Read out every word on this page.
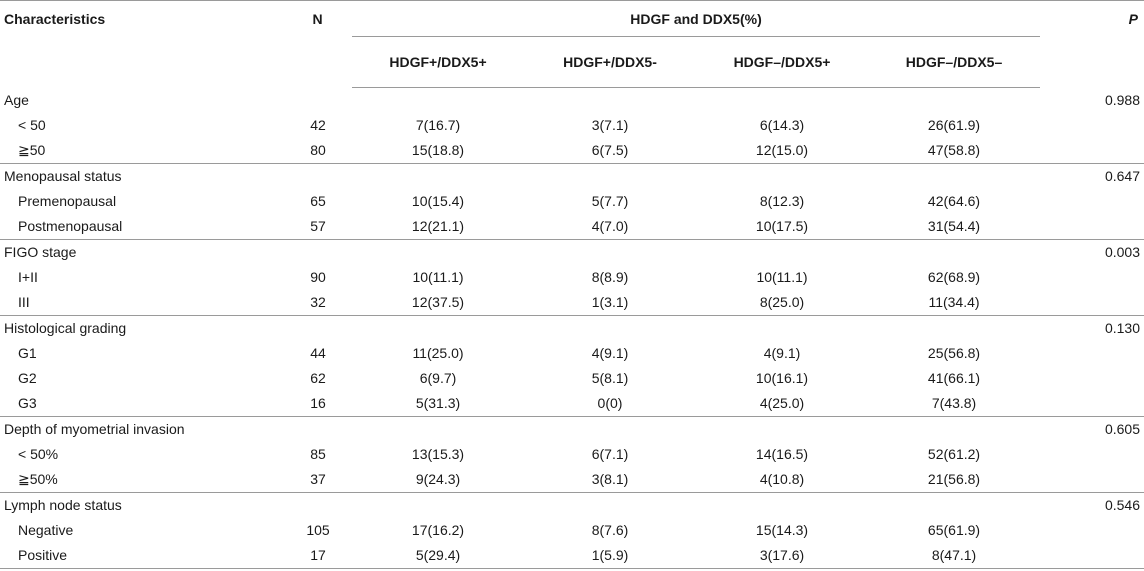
Characteristics	N	HDGF and DDX5(%)				P
		HDGF+/DDX5+	HDGF+/DDX5-	HDGF–/DDX5+	HDGF–/DDX5–	
Age						0.988
< 50	42	7(16.7)	3(7.1)	6(14.3)	26(61.9)	
≧50	80	15(18.8)	6(7.5)	12(15.0)	47(58.8)	
Menopausal status						0.647
Premenopausal	65	10(15.4)	5(7.7)	8(12.3)	42(64.6)	
Postmenopausal	57	12(21.1)	4(7.0)	10(17.5)	31(54.4)	
FIGO stage						0.003
I+II	90	10(11.1)	8(8.9)	10(11.1)	62(68.9)	
III	32	12(37.5)	1(3.1)	8(25.0)	11(34.4)	
Histological grading						0.130
G1	44	11(25.0)	4(9.1)	4(9.1)	25(56.8)	
G2	62	6(9.7)	5(8.1)	10(16.1)	41(66.1)	
G3	16	5(31.3)	0(0)	4(25.0)	7(43.8)	
Depth of myometrial invasion						0.605
< 50%	85	13(15.3)	6(7.1)	14(16.5)	52(61.2)	
≧50%	37	9(24.3)	3(8.1)	4(10.8)	21(56.8)	
Lymph node status						0.546
Negative	105	17(16.2)	8(7.6)	15(14.3)	65(61.9)	
Positive	17	5(29.4)	1(5.9)	3(17.6)	8(47.1)	
